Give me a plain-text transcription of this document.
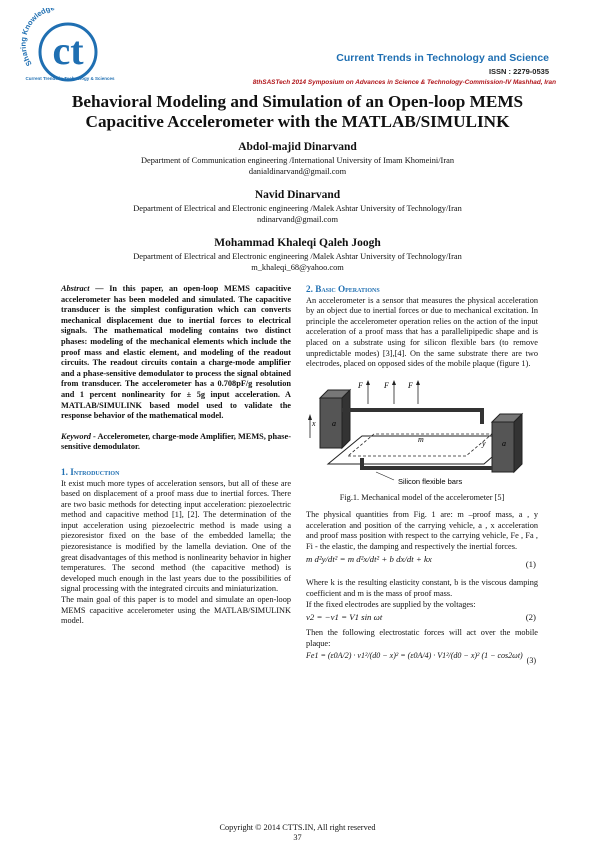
Sharing Knowledg
ct
Current Trends in Technology & Sciences
Current Trends in Technology and Science
ISSN : 2279-0535
8thSASTech 2014 Symposium on Advances in Science & Technology-Commission-IV Mashhad, Iran
Behavioral Modeling and Simulation of an Open-loop MEMS
Capacitive Accelerometer with the MATLAB/SIMULINK
Abdol-majid Dinarvand
Department of Communication engineering /International University of Imam Khomeini/Iran
danialdinarvand@gmail.com
Navid Dinarvand
Department of Electrical and Electronic engineering /Malek Ashtar University of Technology/Iran
ndinarvand@gmail.com
Mohammad Khaleqi Qaleh Joogh
Department of Electrical and Electronic engineering /Malek Ashtar University of Technology/Iran
m_khaleqi_68@yahoo.com

Abstract — In this paper, an open-loop MEMS capacitive accelerometer has been modeled and simulated. The capacitive transducer is the simplest configuration which can converts mechanical displacement due to inertial forces to electrical signals. The mathematical modeling contains two distinct phases: modeling of the mechanical elements which include the proof mass and elastic element, and modeling of the readout circuits. The readout circuits contain a charge-mode amplifier and a phase-sensitive demodulator to process the signal obtained from transducer. The accelerometer has a 0.708pF/g resolution and 1 percent nonlinearity for ± 5g input acceleration. A MATLAB/SIMULINK based model used to validate the response behavior of the mathematical model.

Keyword - Accelerometer, charge-mode Amplifier, MEMS, phase-sensitive demodulator.

1. Introduction

It exist much more types of acceleration sensors, but all of these are based on displacement of a proof mass due to inertial forces. There are two basic methods for detecting input acceleration: piezoelectric method and capacitive method [1], [2]. The determination of the input acceleration using piezoelectric method is made using a piezoresistor fixed on the base of the embedded lamella; the piezoresistance is modified by the lamella deviation. One of the great disadvantages of this method is nonlinearity behavior in higher temperatures. The second method (the capacitive method) is developed much enough in the last years due to the possibilities of signal processing with the integrated circuits and miniaturization.

The main goal of this paper is to model and simulate an open-loop MEMS capacitive accelerometer using the MATLAB/SIMULINK model.

2. Basic Operations

An accelerometer is a sensor that measures the physical acceleration by an object due to inertial forces or due to mechanical excitation. In principle the accelerometer operation relies on the action of the input acceleration of a proof mass that has a parallelipipedic shape and is placed on a substrate using for silicon flexible bars (to remove unpredictable modes) [3],[4]. On the same substrate there are two electrodes, placed on opposed sides of the mobile plaque (figure 1).

F	F F
x a
m	y a
Silicon flexible bars
Fig.1. Mechanical model of the accelerometer [5]

The physical quantities from Fig. 1 are: m –proof mass, a , y acceleration and position of the carrying vehicle, a , x acceleration and proof mass position with respect to the carrying vehicle, Fe , Fa , Fi - the elastic, the damping and respectively the inertial forces.

m d²y/dt² = m d²x/dt² + b dx/dt + kx	(1)

Where k is the resulting elasticity constant, b is the viscous damping coefficient and m is the mass of proof mass.

If the fixed electrodes are supplied by the voltages:

v2 = −v1 = V1 sin ωt	(2)

Then the following electrostatic forces will act over the mobile plaque:

Fe1 = (ε0A/2) · v1²/(d0 − x)² = (ε0A/4) · V1²/(d0 − x)² (1 − cos2ωt)
(3)
Copyright © 2014 CTTS.IN, All right reserved
37
